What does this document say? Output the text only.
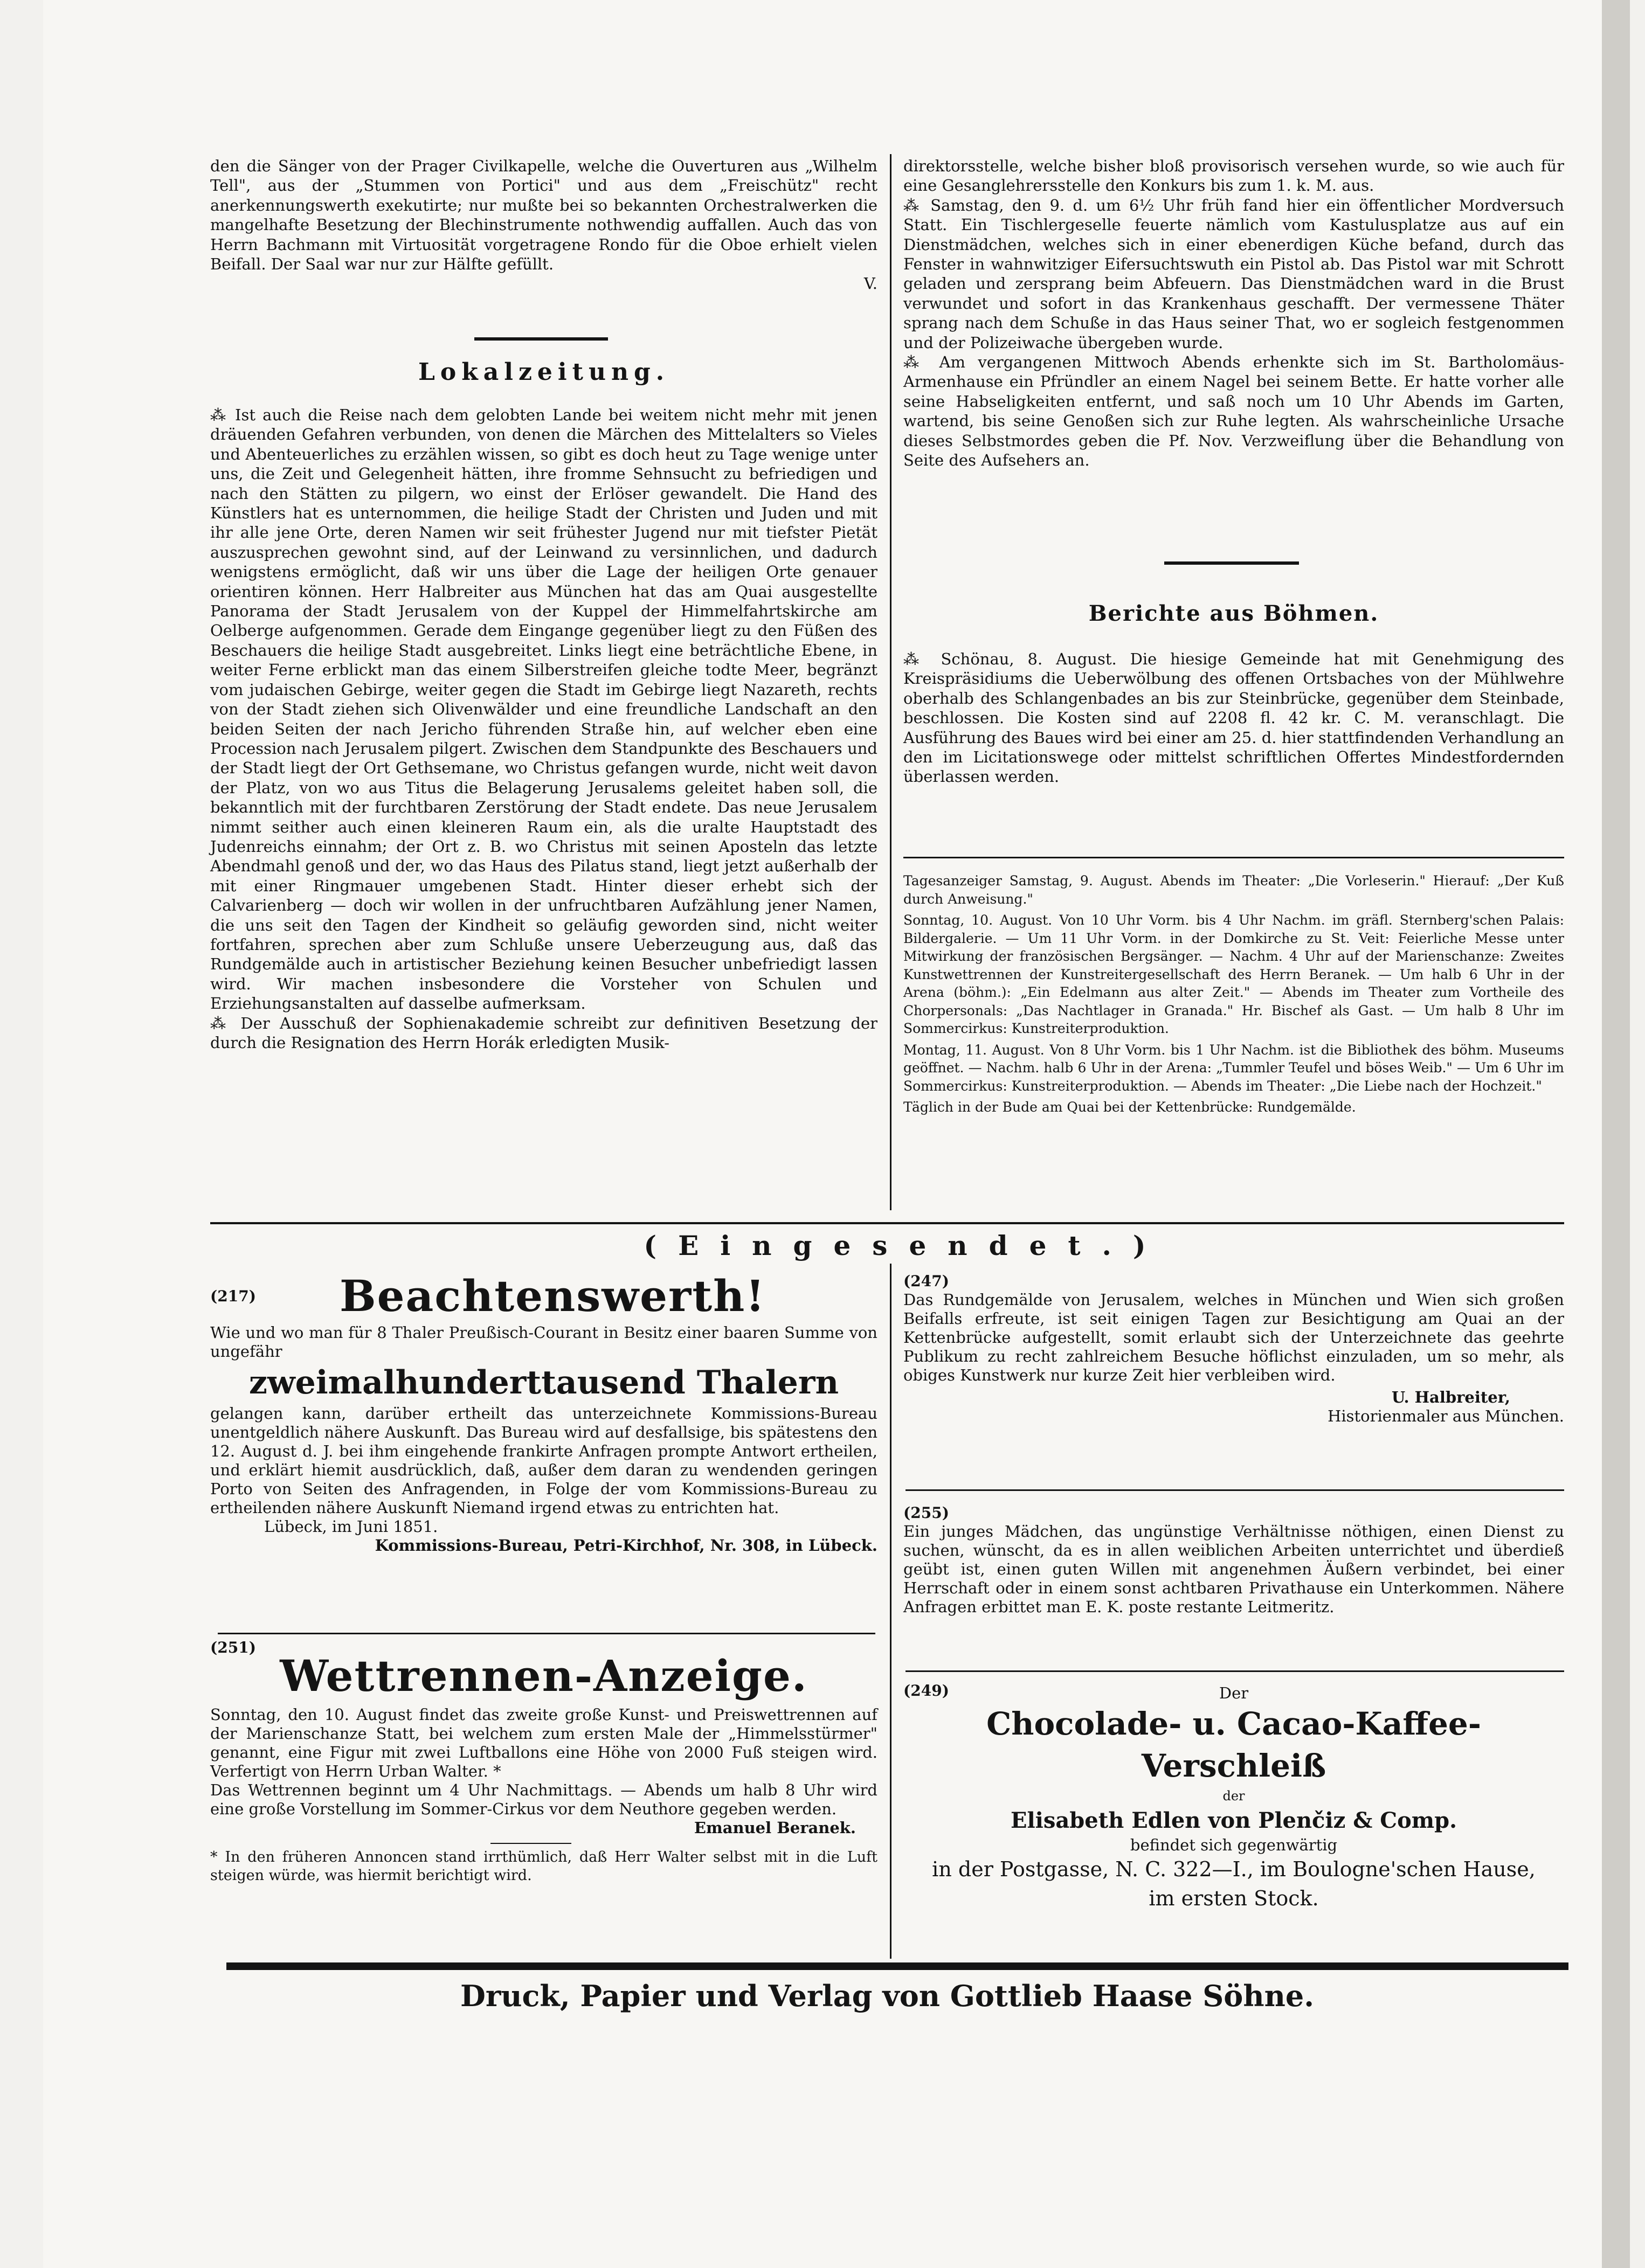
den die Sänger von der Prager Civilkapelle, welche die Ouverturen aus „Wilhelm Tell", aus der „Stummen von Portici" und aus dem „Freischütz" recht anerkennungswerth exekutirte; nur mußte bei so bekannten Orchestralwerken die mangelhafte Besetzung der Blechinstrumente nothwendig auffallen. Auch das von Herrn Bachmann mit Virtuosität vorgetragene Rondo für die Oboe erhielt vielen Beifall. Der Saal war nur zur Hälfte gefüllt.

V.

Lokalzeitung.

⁂ Ist auch die Reise nach dem gelobten Lande bei weitem nicht mehr mit jenen dräuenden Gefahren verbunden, von denen die Märchen des Mittelalters so Vieles und Abenteuerliches zu erzählen wissen, so gibt es doch heut zu Tage wenige unter uns, die Zeit und Gelegenheit hätten, ihre fromme Sehnsucht zu befriedigen und nach den Stätten zu pilgern, wo einst der Erlöser gewandelt. Die Hand des Künstlers hat es unternommen, die heilige Stadt der Christen und Juden und mit ihr alle jene Orte, deren Namen wir seit frühester Jugend nur mit tiefster Pietät auszusprechen gewohnt sind, auf der Leinwand zu versinnlichen, und dadurch wenigstens ermöglicht, daß wir uns über die Lage der heiligen Orte genauer orientiren können. Herr Halbreiter aus München hat das am Quai ausgestellte Panorama der Stadt Jerusalem von der Kuppel der Himmelfahrtskirche am Oelberge aufgenommen. Gerade dem Eingange gegenüber liegt zu den Füßen des Beschauers die heilige Stadt ausgebreitet. Links liegt eine beträchtliche Ebene, in weiter Ferne erblickt man das einem Silberstreifen gleiche todte Meer, begränzt vom judaischen Gebirge, weiter gegen die Stadt im Gebirge liegt Nazareth, rechts von der Stadt ziehen sich Olivenwälder und eine freundliche Landschaft an den beiden Seiten der nach Jericho führenden Straße hin, auf welcher eben eine Procession nach Jerusalem pilgert. Zwischen dem Standpunkte des Beschauers und der Stadt liegt der Ort Gethsemane, wo Christus gefangen wurde, nicht weit davon der Platz, von wo aus Titus die Belagerung Jerusalems geleitet haben soll, die bekanntlich mit der furchtbaren Zerstörung der Stadt endete. Das neue Jerusalem nimmt seither auch einen kleineren Raum ein, als die uralte Hauptstadt des Judenreichs einnahm; der Ort z. B. wo Christus mit seinen Aposteln das letzte Abendmahl genoß und der, wo das Haus des Pilatus stand, liegt jetzt außerhalb der mit einer Ringmauer umgebenen Stadt. Hinter dieser erhebt sich der Calvarienberg — doch wir wollen in der unfruchtbaren Aufzählung jener Namen, die uns seit den Tagen der Kindheit so geläufig geworden sind, nicht weiter fortfahren, sprechen aber zum Schluße unsere Ueberzeugung aus, daß das Rundgemälde auch in artistischer Beziehung keinen Besucher unbefriedigt lassen wird. Wir machen insbesondere die Vorsteher von Schulen und Erziehungsanstalten auf dasselbe aufmerksam.

⁂ Der Ausschuß der Sophienakademie schreibt zur definitiven Besetzung der durch die Resignation des Herrn Horák erledigten Musik-

direktorsstelle, welche bisher bloß provisorisch versehen wurde, so wie auch für eine Gesanglehrersstelle den Konkurs bis zum 1. k. M. aus.

⁂ Samstag, den 9. d. um 6½ Uhr früh fand hier ein öffentlicher Mordversuch Statt. Ein Tischlergeselle feuerte nämlich vom Kastulusplatze aus auf ein Dienstmädchen, welches sich in einer ebenerdigen Küche befand, durch das Fenster in wahnwitziger Eifersuchtswuth ein Pistol ab. Das Pistol war mit Schrott geladen und zersprang beim Abfeuern. Das Dienstmädchen ward in die Brust verwundet und sofort in das Krankenhaus geschafft. Der vermessene Thäter sprang nach dem Schuße in das Haus seiner That, wo er sogleich festgenommen und der Polizeiwache übergeben wurde.

⁂ Am vergangenen Mittwoch Abends erhenkte sich im St. Bartholomäus-Armenhause ein Pfründler an einem Nagel bei seinem Bette. Er hatte vorher alle seine Habseligkeiten entfernt, und saß noch um 10 Uhr Abends im Garten, wartend, bis seine Genoßen sich zur Ruhe legten. Als wahrscheinliche Ursache dieses Selbstmordes geben die Pf. Nov. Verzweiflung über die Behandlung von Seite des Aufsehers an.

Berichte aus Böhmen.

⁂ Schönau, 8. August. Die hiesige Gemeinde hat mit Genehmigung des Kreispräsidiums die Ueberwölbung des offenen Ortsbaches von der Mühlwehre oberhalb des Schlangenbades an bis zur Steinbrücke, gegenüber dem Steinbade, beschlossen. Die Kosten sind auf 2208 fl. 42 kr. C. M. veranschlagt. Die Ausführung des Baues wird bei einer am 25. d. hier stattfindenden Verhandlung an den im Licitationswege oder mittelst schriftlichen Offertes Mindestfordernden überlassen werden.

Tagesanzeiger Samstag, 9. August. Abends im Theater: „Die Vorleserin." Hierauf: „Der Kuß durch Anweisung."

Sonntag, 10. August. Von 10 Uhr Vorm. bis 4 Uhr Nachm. im gräfl. Sternberg'schen Palais: Bildergalerie. — Um 11 Uhr Vorm. in der Domkirche zu St. Veit: Feierliche Messe unter Mitwirkung der französischen Bergsänger. — Nachm. 4 Uhr auf der Marienschanze: Zweites Kunstwettrennen der Kunstreitergesellschaft des Herrn Beranek. — Um halb 6 Uhr in der Arena (böhm.): „Ein Edelmann aus alter Zeit." — Abends im Theater zum Vortheile des Chorpersonals: „Das Nachtlager in Granada." Hr. Bischef als Gast. — Um halb 8 Uhr im Sommercirkus: Kunstreiterproduktion.

Montag, 11. August. Von 8 Uhr Vorm. bis 1 Uhr Nachm. ist die Bibliothek des böhm. Museums geöffnet. — Nachm. halb 6 Uhr in der Arena: „Tummler Teufel und böses Weib." — Um 6 Uhr im Sommercirkus: Kunstreiterproduktion. — Abends im Theater: „Die Liebe nach der Hochzeit."

Täglich in der Bude am Quai bei der Kettenbrücke: Rundgemälde.

(Eingesendet.)
(217)	Beachtenswerth!
Wie und wo man für 8 Thaler Preußisch-Courant in Besitz einer baaren Summe von ungefähr
zweimalhunderttausend Thalern
gelangen kann, darüber ertheilt das unterzeichnete Kommissions-Bureau unentgeldlich nähere Auskunft. Das Bureau wird auf desfallsige, bis spätestens den 12. August d. J. bei ihm eingehende frankirte Anfragen prompte Antwort ertheilen, und erklärt hiemit ausdrücklich, daß, außer dem daran zu wendenden geringen Porto von Seiten des Anfragenden, in Folge der vom Kommissions-Bureau zu ertheilenden nähere Auskunft Niemand irgend etwas zu entrichten hat.
Lübeck, im Juni 1851.
Kommissions-Bureau, Petri-Kirchhof, Nr. 308, in Lübeck.
(251)
Wettrennen-Anzeige.
Sonntag, den 10. August findet das zweite große Kunst- und Preiswettrennen auf der Marienschanze Statt, bei welchem zum ersten Male der „Himmelsstürmer" genannt, eine Figur mit zwei Luftballons eine Höhe von 2000 Fuß steigen wird. Verfertigt von Herrn Urban Walter. *
Das Wettrennen beginnt um 4 Uhr Nachmittags. — Abends um halb 8 Uhr wird eine große Vorstellung im Sommer-Cirkus vor dem Neuthore gegeben werden.
Emanuel Beranek.
* In den früheren Annoncen stand irrthümlich, daß Herr Walter selbst mit in die Luft steigen würde, was hiermit berichtigt wird.
(247)
Das Rundgemälde von Jerusalem, welches in München und Wien sich großen Beifalls erfreute, ist seit einigen Tagen zur Besichtigung am Quai an der Kettenbrücke aufgestellt, somit erlaubt sich der Unterzeichnete das geehrte Publikum zu recht zahlreichem Besuche höflichst einzuladen, um so mehr, als obiges Kunstwerk nur kurze Zeit hier verbleiben wird.
U. Halbreiter,
Historienmaler aus München.
(255)
Ein junges Mädchen, das ungünstige Verhältnisse nöthigen, einen Dienst zu suchen, wünscht, da es in allen weiblichen Arbeiten unterrichtet und überdieß geübt ist, einen guten Willen mit angenehmen Äußern verbindet, bei einer Herrschaft oder in einem sonst achtbaren Privathause ein Unterkommen. Nähere Anfragen erbittet man E. K. poste restante Leitmeritz.
(249)	Der
Chocolade- u. Cacao-Kaffee-Verschleiß
der
Elisabeth Edlen von Plenčiz & Comp.
befindet sich gegenwärtig
in der Postgasse, N. C. 322—I., im Boulogne'schen Hause,
im ersten Stock.
Druck, Papier und Verlag von Gottlieb Haase Söhne.
